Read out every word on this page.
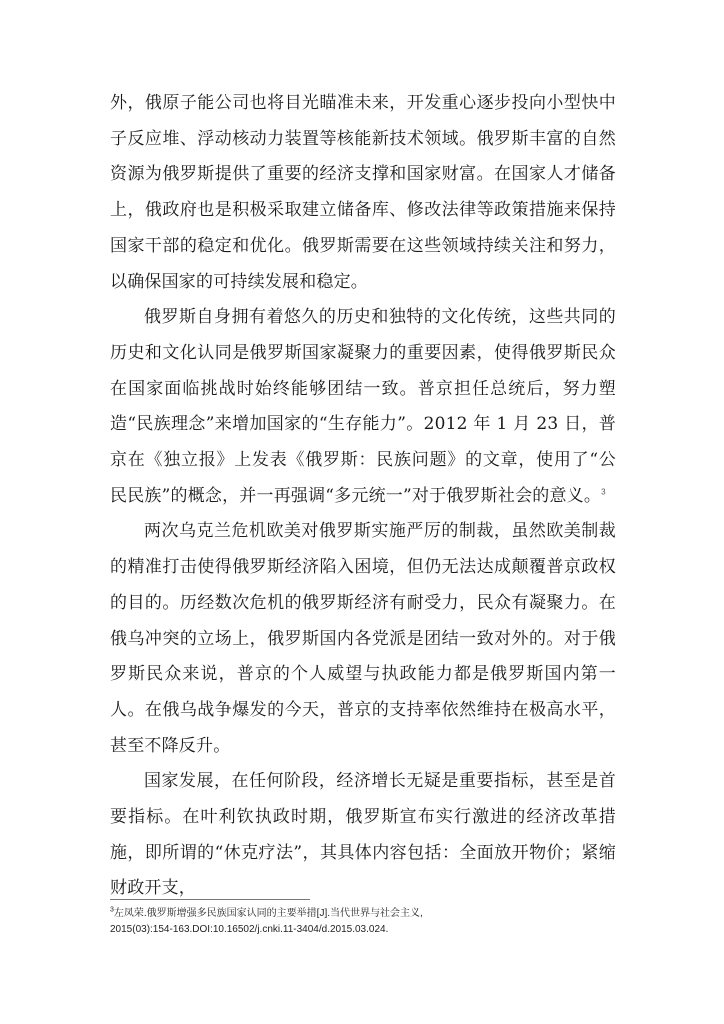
外，俄原子能公司也将目光瞄准未来，开发重心逐步投向小型快中子反应堆、浮动核动力装置等核能新技术领域。俄罗斯丰富的自然资源为俄罗斯提供了重要的经济支撑和国家财富。在国家人才储备上，俄政府也是积极采取建立储备库、修改法律等政策措施来保持国家干部的稳定和优化。俄罗斯需要在这些领域持续关注和努力，以确保国家的可持续发展和稳定。

俄罗斯自身拥有着悠久的历史和独特的文化传统，这些共同的历史和文化认同是俄罗斯国家凝聚力的重要因素，使得俄罗斯民众在国家面临挑战时始终能够团结一致。普京担任总统后，努力塑造“民族理念”来增加国家的“生存能力”。2012 年 1 月 23 日，普京在《独立报》上发表《俄罗斯：民族问题》的文章，使用了“公民民族”的概念，并一再强调“多元统一”对于俄罗斯社会的意义。$^3$

两次乌克兰危机欧美对俄罗斯实施严厉的制裁，虽然欧美制裁的精准打击使得俄罗斯经济陷入困境，但仍无法达成颠覆普京政权的目的。历经数次危机的俄罗斯经济有耐受力，民众有凝聚力。在俄乌冲突的立场上，俄罗斯国内各党派是团结一致对外的。对于俄罗斯民众来说，普京的个人威望与执政能力都是俄罗斯国内第一人。在俄乌战争爆发的今天，普京的支持率依然维持在极高水平，甚至不降反升。

国家发展，在任何阶段，经济增长无疑是重要指标，甚至是首要指标。在叶利钦执政时期，俄罗斯宣布实行激进的经济改革措施，即所谓的“休克疗法”，其具体内容包括：全面放开物价；紧缩财政开支，

$^3$左凤荣.俄罗斯增强多民族国家认同的主要举措[J].当代世界与社会主义,
2015(03):154-163.DOI:10.16502/j.cnki.11-3404/d.2015.03.024.
